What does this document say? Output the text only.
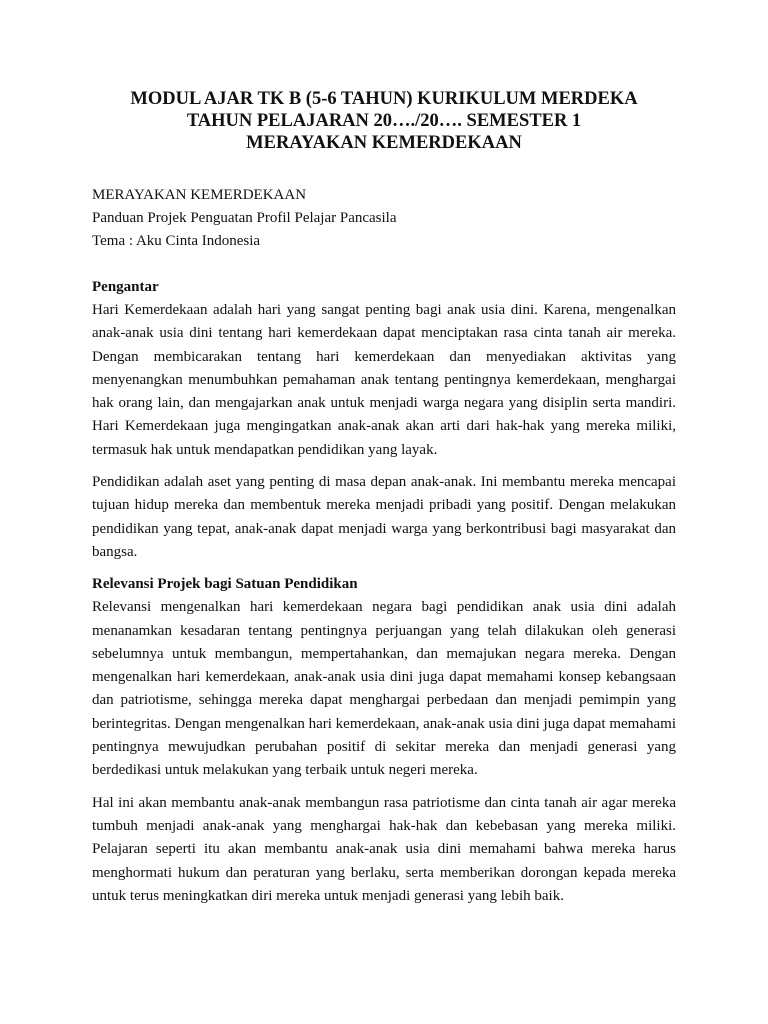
MODUL AJAR TK B (5-6 TAHUN) KURIKULUM MERDEKA
TAHUN PELAJARAN 20…./20…. SEMESTER 1
MERAYAKAN KEMERDEKAAN
MERAYAKAN KEMERDEKAAN
Panduan Projek Penguatan Profil Pelajar Pancasila
Tema : Aku Cinta Indonesia
Pengantar

Hari Kemerdekaan adalah hari yang sangat penting bagi anak usia dini. Karena, mengenalkan anak-anak usia dini tentang hari kemerdekaan dapat menciptakan rasa cinta tanah air mereka. Dengan membicarakan tentang hari kemerdekaan dan menyediakan aktivitas yang menyenangkan menumbuhkan pemahaman anak tentang pentingnya kemerdekaan, menghargai hak orang lain, dan mengajarkan anak untuk menjadi warga negara yang disiplin serta mandiri. Hari Kemerdekaan juga mengingatkan anak-anak akan arti dari hak-hak yang mereka miliki, termasuk hak untuk mendapatkan pendidikan yang layak.

Pendidikan adalah aset yang penting di masa depan anak-anak. Ini membantu mereka mencapai tujuan hidup mereka dan membentuk mereka menjadi pribadi yang positif. Dengan melakukan pendidikan yang tepat, anak-anak dapat menjadi warga yang berkontribusi bagi masyarakat dan bangsa.

Relevansi Projek bagi Satuan Pendidikan

Relevansi mengenalkan hari kemerdekaan negara bagi pendidikan anak usia dini adalah menanamkan kesadaran tentang pentingnya perjuangan yang telah dilakukan oleh generasi sebelumnya untuk membangun, mempertahankan, dan memajukan negara mereka. Dengan mengenalkan hari kemerdekaan, anak-anak usia dini juga dapat memahami konsep kebangsaan dan patriotisme, sehingga mereka dapat menghargai perbedaan dan menjadi pemimpin yang berintegritas. Dengan mengenalkan hari kemerdekaan, anak-anak usia dini juga dapat memahami pentingnya mewujudkan perubahan positif di sekitar mereka dan menjadi generasi yang berdedikasi untuk melakukan yang terbaik untuk negeri mereka.

Hal ini akan membantu anak-anak membangun rasa patriotisme dan cinta tanah air agar mereka tumbuh menjadi anak-anak yang menghargai hak-hak dan kebebasan yang mereka miliki. Pelajaran seperti itu akan membantu anak-anak usia dini memahami bahwa mereka harus menghormati hukum dan peraturan yang berlaku, serta memberikan dorongan kepada mereka untuk terus meningkatkan diri mereka untuk menjadi generasi yang lebih baik.
